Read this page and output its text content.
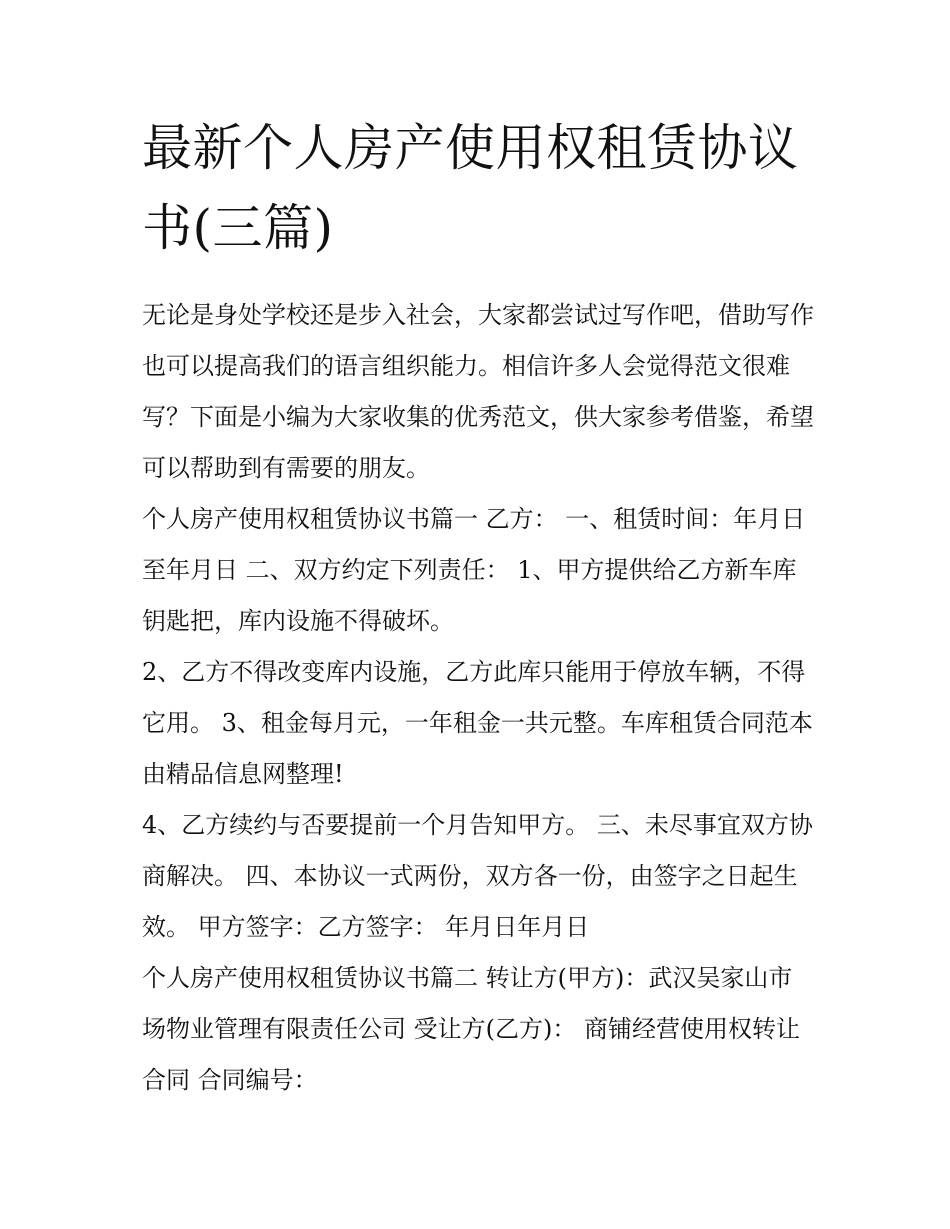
最新个人房产使用权租赁协议书(三篇)

无论是身处学校还是步入社会，大家都尝试过写作吧，借助写作也可以提高我们的语言组织能力。相信许多人会觉得范文很难写？下面是小编为大家收集的优秀范文，供大家参考借鉴，希望可以帮助到有需要的朋友。

个人房产使用权租赁协议书篇一 乙方： 一、租赁时间：年月日至年月日 二、双方约定下列责任： 1、甲方提供给乙方新车库钥匙把，库内设施不得破坏。

2、乙方不得改变库内设施，乙方此库只能用于停放车辆，不得它用。 3、租金每月元，一年租金一共元整。车库租赁合同范本由精品信息网整理!

4、乙方续约与否要提前一个月告知甲方。 三、未尽事宜双方协商解决。 四、本协议一式两份，双方各一份，由签字之日起生效。 甲方签字：乙方签字： 年月日年月日

个人房产使用权租赁协议书篇二 转让方(甲方)：武汉吴家山市场物业管理有限责任公司 受让方(乙方)： 商铺经营使用权转让合同 合同编号：
